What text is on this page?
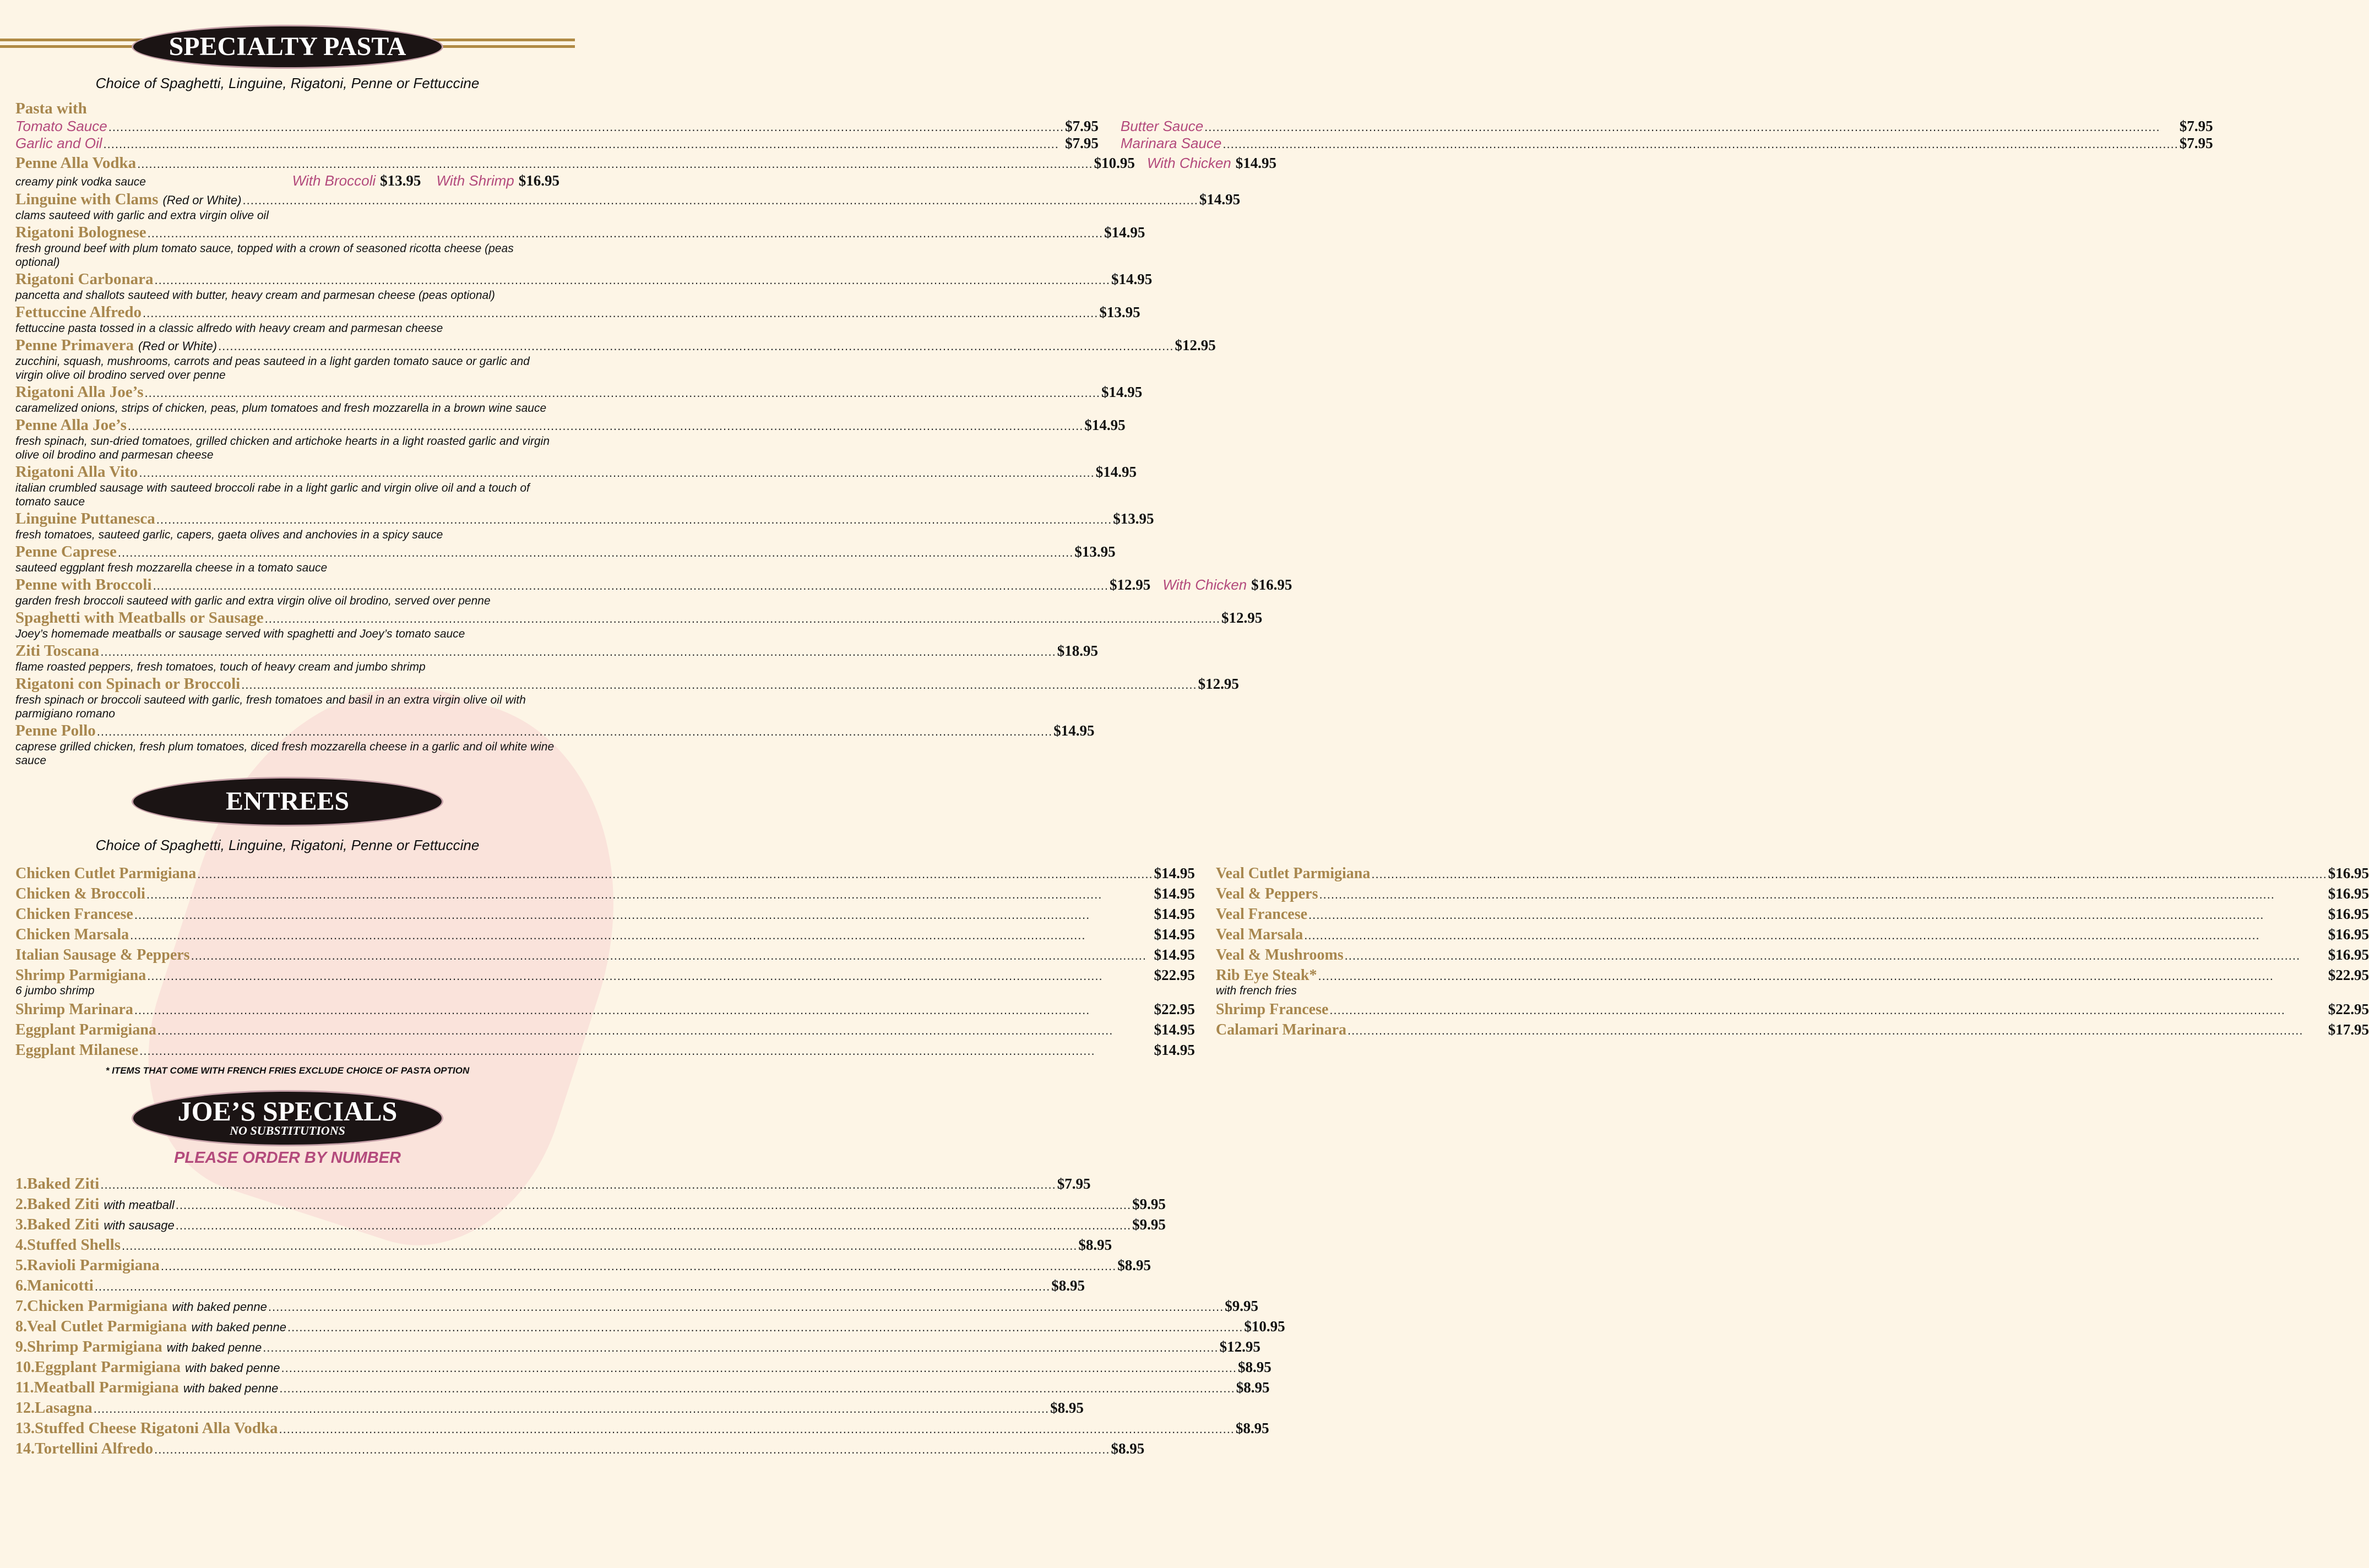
SPECIALTY PASTA

Choice of Spaghetti, Linguine, Rigatoni, Penne or Fettuccine

Pasta with
Tomato Sauce .....	$7.95
Garlic and Oil .....	$7.95
Butter Sauce .....	$7.95
Marinara Sauce .....	$7.95
Penne Alla Vodka .....	$10.95 With Chicken $14.95
creamy pink vodka sauce	With Broccoli $13.95 With Shrimp $16.95
Linguine with Clams (Red or White) .....	$14.95
clams sauteed with garlic and extra virgin olive oil
Rigatoni Bolognese .....	$14.95
fresh ground beef with plum tomato sauce, topped with a crown of seasoned ricotta cheese (peas optional)
Rigatoni Carbonara .....	$14.95
pancetta and shallots sauteed with butter, heavy cream and parmesan cheese (peas optional)
Fettuccine Alfredo .....	$13.95
fettuccine pasta tossed in a classic alfredo with heavy cream and parmesan cheese
Penne Primavera (Red or White) .....	$12.95
zucchini, squash, mushrooms, carrots and peas sauteed in a light garden tomato sauce or garlic and virgin olive oil brodino served over penne
Rigatoni Alla Joe’s .....	$14.95
caramelized onions, strips of chicken, peas, plum tomatoes and fresh mozzarella in a brown wine sauce
Penne Alla Joe’s .....	$14.95
fresh spinach, sun-dried tomatoes, grilled chicken and artichoke hearts in a light roasted garlic and virgin olive oil brodino and parmesan cheese
Rigatoni Alla Vito .....	$14.95
italian crumbled sausage with sauteed broccoli rabe in a light garlic and virgin olive oil and a touch of tomato sauce
Linguine Puttanesca .....	$13.95
fresh tomatoes, sauteed garlic, capers, gaeta olives and anchovies in a spicy sauce
Penne Caprese .....	$13.95
sauteed eggplant fresh mozzarella cheese in a tomato sauce
Penne with Broccoli .....	$12.95 With Chicken $16.95
garden fresh broccoli sauteed with garlic and extra virgin olive oil brodino, served over penne
Spaghetti with Meatballs or Sausage .....	$12.95
Joey’s homemade meatballs or sausage served with spaghetti and Joey’s tomato sauce
Ziti Toscana .....	$18.95
flame roasted peppers, fresh tomatoes, touch of heavy cream and jumbo shrimp
Rigatoni con Spinach or Broccoli .....	$12.95
fresh spinach or broccoli sauteed with garlic, fresh tomatoes and basil in an extra virgin olive oil with parmigiano romano
Penne Pollo .....	$14.95
caprese grilled chicken, fresh plum tomatoes, diced fresh mozzarella cheese in a garlic and oil white wine sauce
ENTREES

Choice of Spaghetti, Linguine, Rigatoni, Penne or Fettuccine

Chicken Cutlet Parmigiana .....	$14.95
Chicken & Broccoli .....	$14.95
Chicken Francese .....	$14.95
Chicken Marsala .....	$14.95
Italian Sausage & Peppers .....	$14.95
Shrimp Parmigiana .....	$22.95
6 jumbo shrimp
Shrimp Marinara .....	$22.95
Eggplant Parmigiana .....	$14.95
Eggplant Milanese .....	$14.95
Veal Cutlet Parmigiana .....	$16.95
Veal & Peppers .....	$16.95
Veal Francese .....	$16.95
Veal Marsala .....	$16.95
Veal & Mushrooms .....	$16.95
Rib Eye Steak* .....	$22.95
with french fries
Shrimp Francese .....	$22.95
Calamari Marinara .....	$17.95
* ITEMS THAT COME WITH FRENCH FRIES EXCLUDE CHOICE OF PASTA OPTION
JOE’S SPECIALS
NO SUBSTITUTIONS
PLEASE ORDER BY NUMBER
1. Baked Ziti .....	$7.95
2. Baked Ziti with meatball .....	$9.95
3. Baked Ziti with sausage .....	$9.95
4. Stuffed Shells .....	$8.95
5. Ravioli Parmigiana .....	$8.95
6. Manicotti .....	$8.95
7. Chicken Parmigiana with baked penne .....	$9.95
8. Veal Cutlet Parmigiana with baked penne .....	$10.95
9. Shrimp Parmigiana with baked penne .....	$12.95
10. Eggplant Parmigiana with baked penne .....	$8.95
11. Meatball Parmigiana with baked penne .....	$8.95
12. Lasagna .....	$8.95
13. Stuffed Cheese Rigatoni Alla Vodka .....	$8.95
14. Tortellini Alfredo .....	$8.95
